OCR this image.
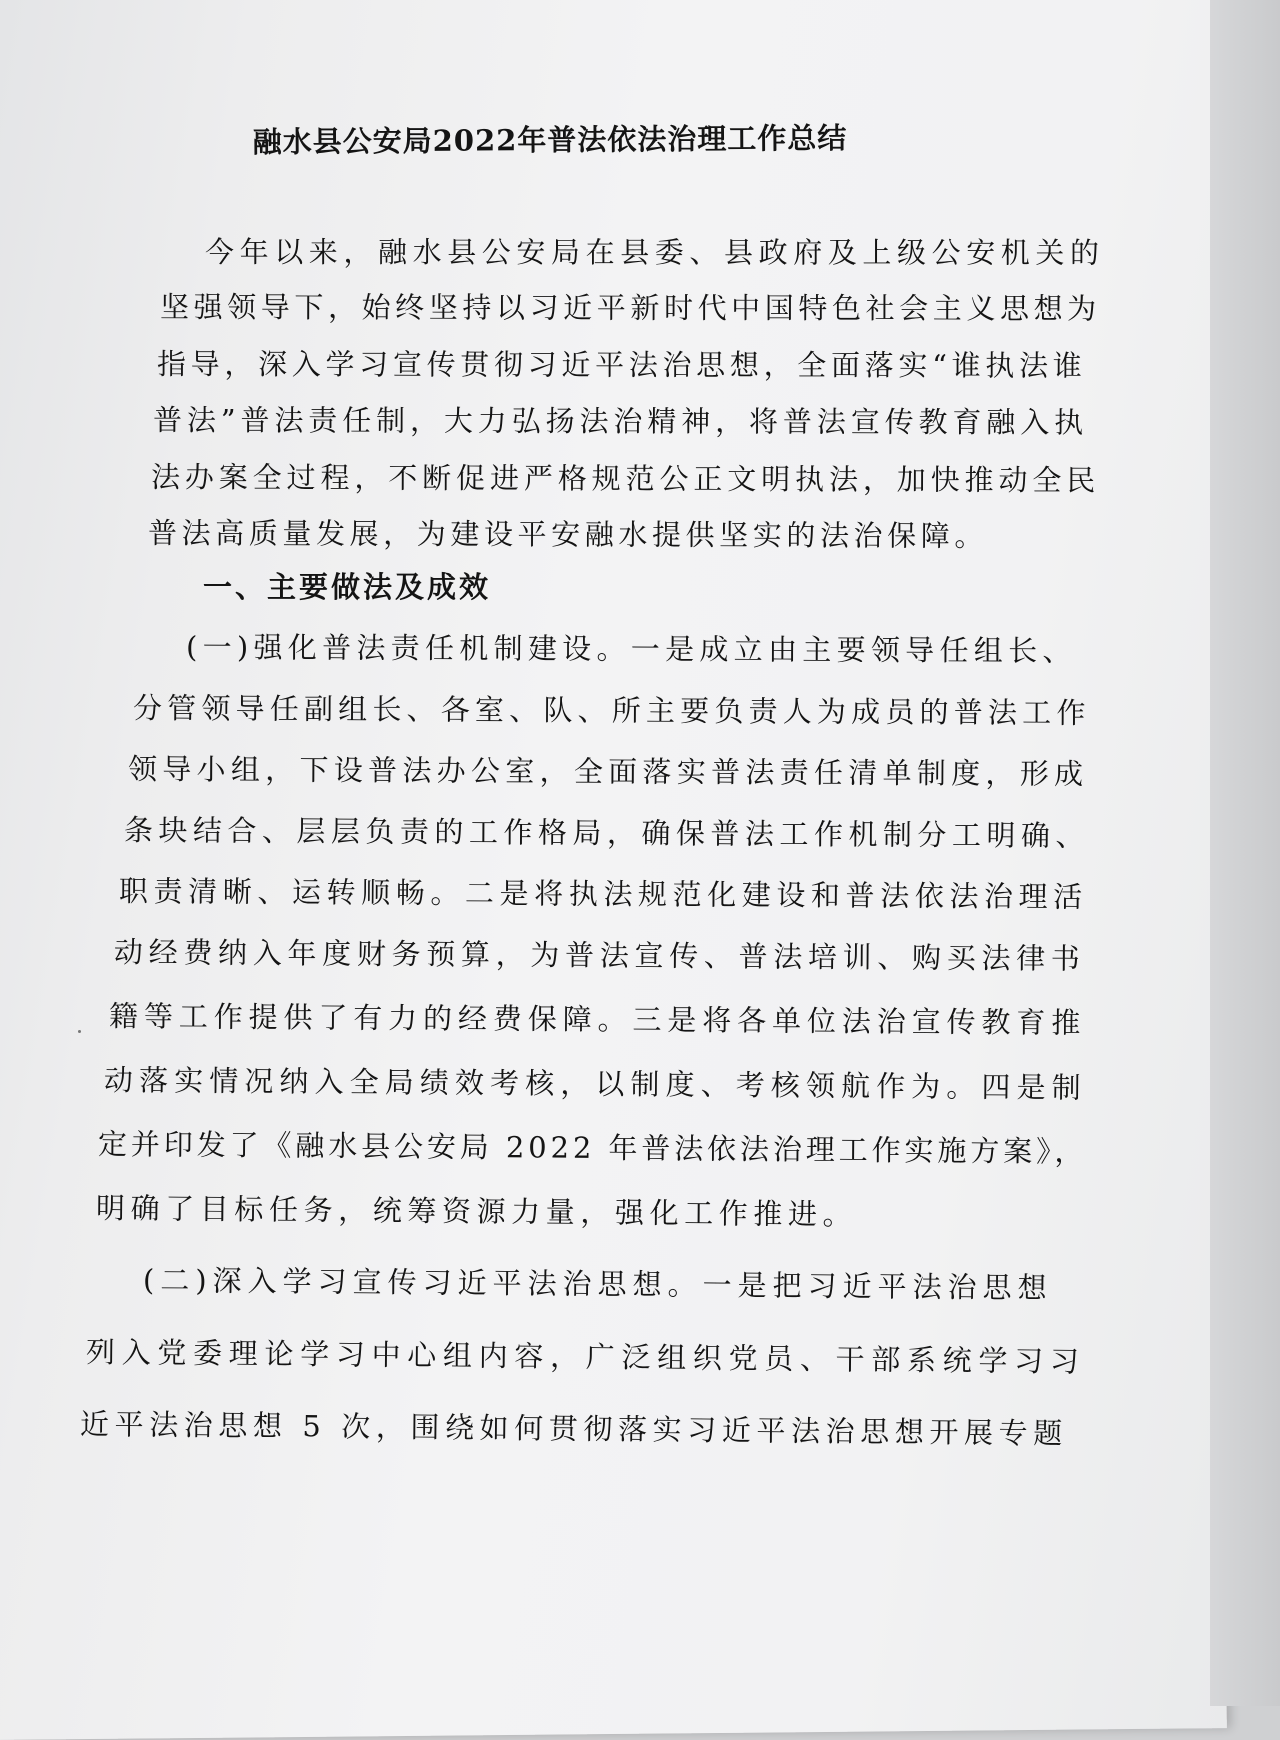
融水县公安局2022年普法依法治理工作总结
今年以来，融水县公安局在县委、县政府及上级公安机关的
坚强领导下，始终坚持以习近平新时代中国特色社会主义思想为
指导，深入学习宣传贯彻习近平法治思想，全面落实“谁执法谁
普法”普法责任制，大力弘扬法治精神，将普法宣传教育融入执
法办案全过程，不断促进严格规范公正文明执法，加快推动全民
普法高质量发展，为建设平安融水提供坚实的法治保障。
一、主要做法及成效
(一)强化普法责任机制建设。一是成立由主要领导任组长、
分管领导任副组长、各室、队、所主要负责人为成员的普法工作
领导小组，下设普法办公室，全面落实普法责任清单制度，形成
条块结合、层层负责的工作格局，确保普法工作机制分工明确、
职责清晰、运转顺畅。二是将执法规范化建设和普法依法治理活
动经费纳入年度财务预算，为普法宣传、普法培训、购买法律书
籍等工作提供了有力的经费保障。三是将各单位法治宣传教育推
动落实情况纳入全局绩效考核，以制度、考核领航作为。四是制
定并印发了《融水县公安局 2022 年普法依法治理工作实施方案》，
明确了目标任务，统筹资源力量，强化工作推进。
(二)深入学习宣传习近平法治思想。一是把习近平法治思想
列入党委理论学习中心组内容，广泛组织党员、干部系统学习习
近平法治思想 5 次，围绕如何贯彻落实习近平法治思想开展专题
